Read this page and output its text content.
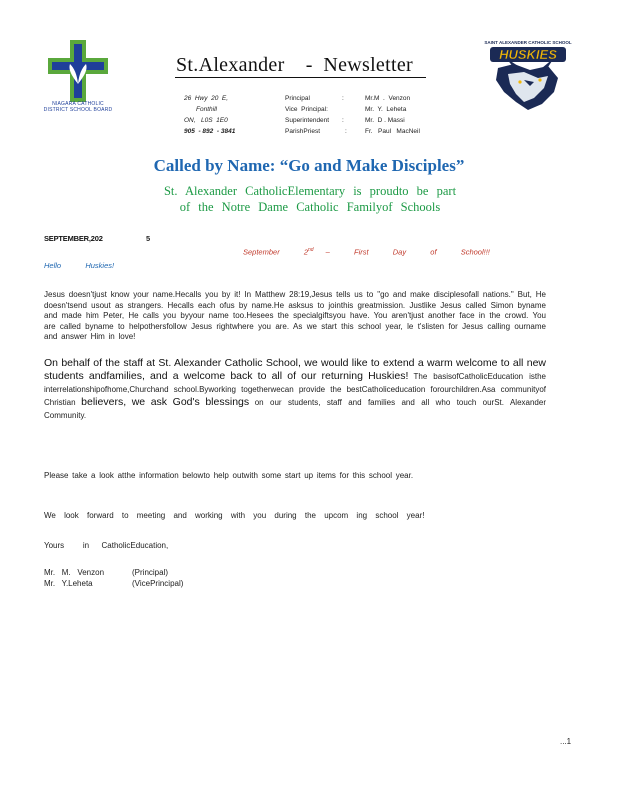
NIAGARA CATHOLIC DISTRICT SCHOOL BOARD
St.Alexander    -  Newsletter
26  Hwy  20  E,
Fonthill
ON,   L0S  1E0
905  - 892  - 3841
Principal	:	Mr.M  .  Venzon
Vice  Principal:	Mr.  Y.  Leheta
Superintendent	:	Mr.  D . Massi
ParishPriest	:	Fr.   Paul   MacNeil
SAINT ALEXANDER CATHOLIC SCHOOL
HUSKIES
Called by Name: “Go and Make Disciples”
St. Alexander CatholicElementary is proudto be part
of the Notre Dame Catholic Familyof Schools
SEPTEMBER,202	5
September  2nd –  First  Day  of  School!!!
Hello   Huskies!
Jesus doesn'tjust know your name.Hecalls you by it! In Matthew 28:19,Jesus tells us to "go and make disciplesofall nations." But, He doesn'tsend usout as strangers. Hecalls each ofus by name.He asksus to jointhis greatmission. Justlike Jesus called Simon byname and made him Peter, He calls you byyour name too.Hesees the specialgiftsyou have. You aren'tjust another face in the crowd. You are called byname to helpothersfollow Jesus rightwhere you are. As we start this school year, le t'slisten for Jesus calling ourname and answer Him in love!
On behalf of the staff at St. Alexander Catholic School, we would like to extend a warm welcome to all new students andfamilies, and a welcome back to all of our returning Huskies! The basisofCatholicEducation isthe interrelationshipofhome,Churchand school.Byworking togetherwecan provide the bestCatholiceducation forourchildren.Asa communityof Christian believers, we ask God's blessings on our students, staff and families and all who touch ourSt. Alexander Community.
Please take a look atthe information belowto help outwith some start up items for this school year.
We look forward to meeting and working with you during the upcom ing school year!
Yours   in  CatholicEducation,
Mr.   M.   Venzon	(Principal)
Mr.   Y.Leheta	(VicePrincipal)
...1
